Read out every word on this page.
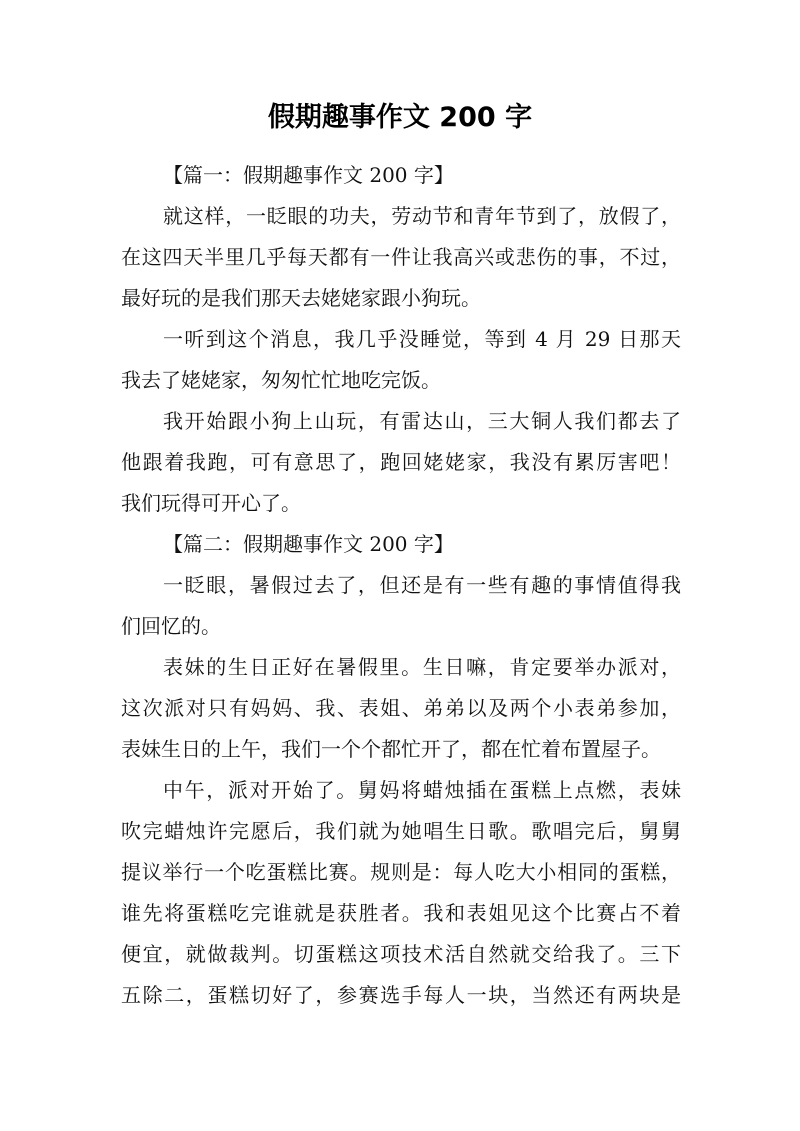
假期趣事作文 200 字
【篇一：假期趣事作文 200 字】
就这样，一眨眼的功夫，劳动节和青年节到了，放假了，
在这四天半里几乎每天都有一件让我高兴或悲伤的事，不过，
最好玩的是我们那天去姥姥家跟小狗玩。
一听到这个消息，我几乎没睡觉，等到 4 月 29 日那天
我去了姥姥家，匆匆忙忙地吃完饭。
我开始跟小狗上山玩，有雷达山，三大铜人我们都去了
他跟着我跑，可有意思了，跑回姥姥家，我没有累厉害吧！
我们玩得可开心了。
【篇二：假期趣事作文 200 字】
一眨眼，暑假过去了，但还是有一些有趣的事情值得我
们回忆的。
表妹的生日正好在暑假里。生日嘛，肯定要举办派对，
这次派对只有妈妈、我、表姐、弟弟以及两个小表弟参加，
表妹生日的上午，我们一个个都忙开了，都在忙着布置屋子。
中午，派对开始了。舅妈将蜡烛插在蛋糕上点燃，表妹
吹完蜡烛许完愿后，我们就为她唱生日歌。歌唱完后，舅舅
提议举行一个吃蛋糕比赛。规则是：每人吃大小相同的蛋糕，
谁先将蛋糕吃完谁就是获胜者。我和表姐见这个比赛占不着
便宜，就做裁判。切蛋糕这项技术活自然就交给我了。三下
五除二，蛋糕切好了，参赛选手每人一块，当然还有两块是
